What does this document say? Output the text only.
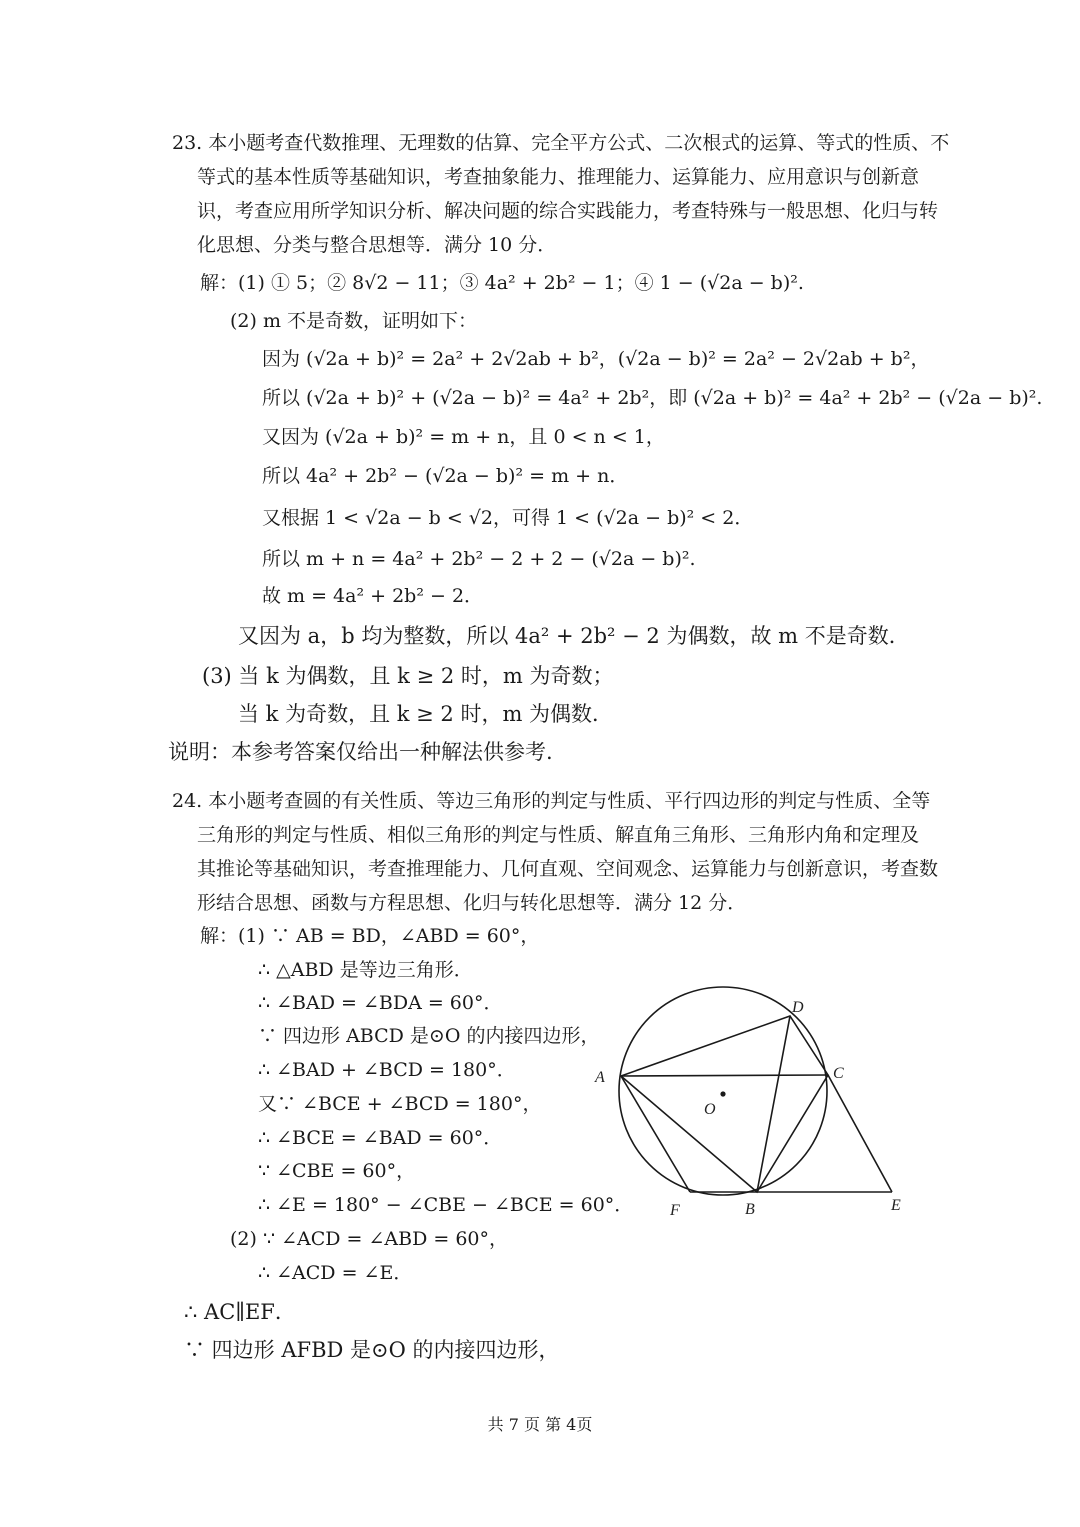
23. 本小题考查代数推理、无理数的估算、完全平方公式、二次根式的运算、等式的性质、不
等式的基本性质等基础知识，考查抽象能力、推理能力、运算能力、应用意识与创新意
识，考查应用所学知识分析、解决问题的综合实践能力，考查特殊与一般思想、化归与转
化思想、分类与整合思想等．满分 10 分．
解：(1) ① 5；② 8√2 − 11；③ 4a² + 2b² − 1；④ 1 − (√2a − b)².
(2) m 不是奇数，证明如下：
因为 (√2a + b)² = 2a² + 2√2ab + b²，(√2a − b)² = 2a² − 2√2ab + b²，
所以 (√2a + b)² + (√2a − b)² = 4a² + 2b²，即 (√2a + b)² = 4a² + 2b² − (√2a − b)².
又因为 (√2a + b)² = m + n，且 0 < n < 1，
所以 4a² + 2b² − (√2a − b)² = m + n．
又根据 1 < √2a − b < √2，可得 1 < (√2a − b)² < 2．
所以 m + n = 4a² + 2b² − 2 + 2 − (√2a − b)².
故 m = 4a² + 2b² − 2．
又因为 a，b 均为整数，所以 4a² + 2b² − 2 为偶数，故 m 不是奇数．
(3) 当 k 为偶数，且 k ≥ 2 时，m 为奇数；
当 k 为奇数，且 k ≥ 2 时，m 为偶数．
说明：本参考答案仅给出一种解法供参考.
24. 本小题考查圆的有关性质、等边三角形的判定与性质、平行四边形的判定与性质、全等
三角形的判定与性质、相似三角形的判定与性质、解直角三角形、三角形内角和定理及
其推论等基础知识，考查推理能力、几何直观、空间观念、运算能力与创新意识，考查数
形结合思想、函数与方程思想、化归与转化思想等．满分 12 分．
解：(1) ∵ AB = BD，∠ABD = 60°，
∴ △ABD 是等边三角形．
∴ ∠BAD = ∠BDA = 60°．
∵ 四边形 ABCD 是⊙O 的内接四边形，
∴ ∠BAD + ∠BCD = 180°．
又∵ ∠BCE + ∠BCD = 180°，
∴ ∠BCE = ∠BAD = 60°．
∵ ∠CBE = 60°，
∴ ∠E = 180° − ∠CBE − ∠BCE = 60°．
(2) ∵ ∠ACD = ∠ABD = 60°，
∴ ∠ACD = ∠E．
∴ AC∥EF．
∵ 四边形 AFBD 是⊙O 的内接四边形，
A
D
C
O
F	B	E
共 7 页 第 4页
